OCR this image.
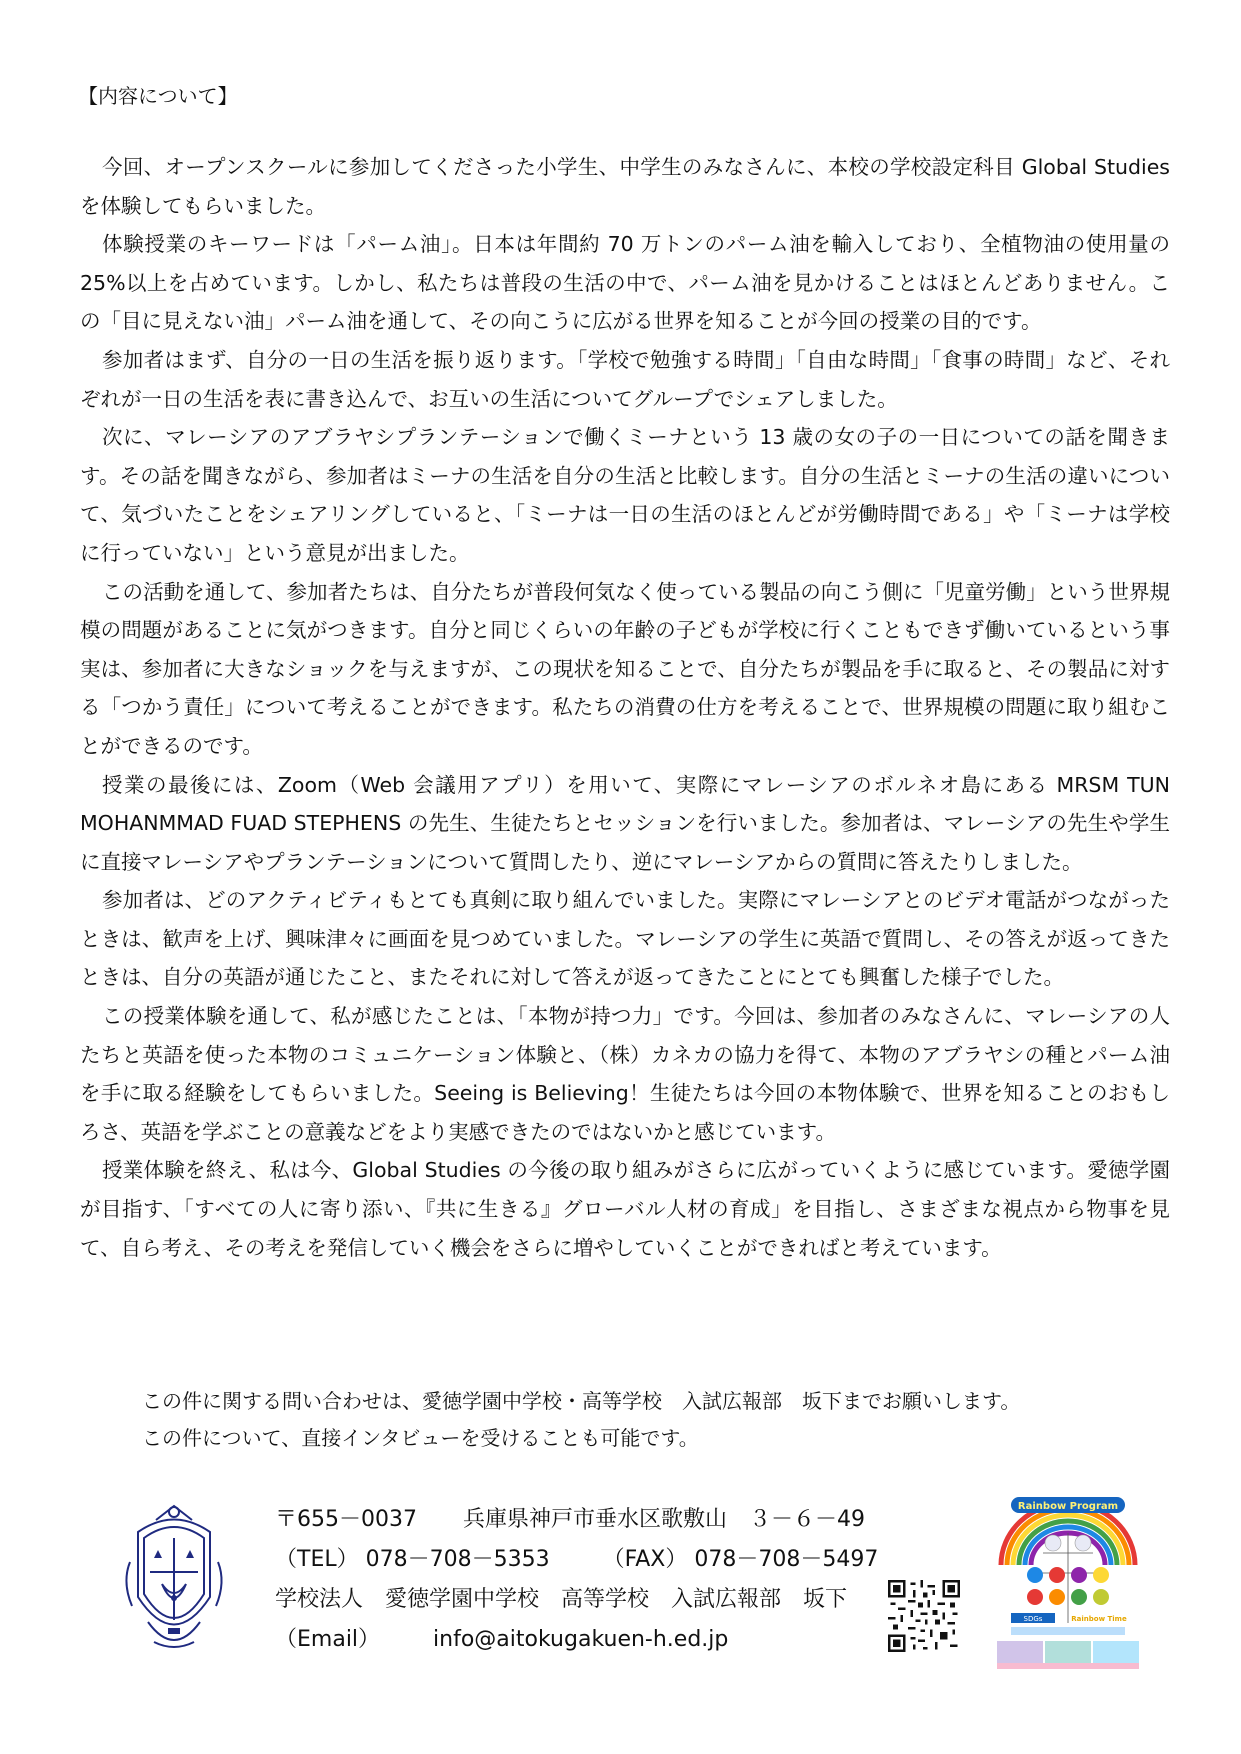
【内容について】

今回、オープンスクールに参加してくださった小学生、中学生のみなさんに、本校の学校設定科目 Global Studies を体験してもらいました。

体験授業のキーワードは「パーム油」。日本は年間約 70 万トンのパーム油を輸入しており、全植物油の使用量の 25%以上を占めています。しかし、私たちは普段の生活の中で、パーム油を見かけることはほとんどありません。この「目に見えない油」パーム油を通して、その向こうに広がる世界を知ることが今回の授業の目的です。

参加者はまず、自分の一日の生活を振り返ります。「学校で勉強する時間」「自由な時間」「食事の時間」など、それぞれが一日の生活を表に書き込んで、お互いの生活についてグループでシェアしました。

次に、マレーシアのアブラヤシプランテーションで働くミーナという 13 歳の女の子の一日についての話を聞きます。その話を聞きながら、参加者はミーナの生活を自分の生活と比較します。自分の生活とミーナの生活の違いについて、気づいたことをシェアリングしていると、「ミーナは一日の生活のほとんどが労働時間である」や「ミーナは学校に行っていない」という意見が出ました。

この活動を通して、参加者たちは、自分たちが普段何気なく使っている製品の向こう側に「児童労働」という世界規模の問題があることに気がつきます。自分と同じくらいの年齢の子どもが学校に行くこともできず働いているという事実は、参加者に大きなショックを与えますが、この現状を知ることで、自分たちが製品を手に取ると、その製品に対する「つかう責任」について考えることができます。私たちの消費の仕方を考えることで、世界規模の問題に取り組むことができるのです。

授業の最後には、Zoom（Web 会議用アプリ）を用いて、実際にマレーシアのボルネオ島にある MRSM TUN MOHANMMAD FUAD STEPHENS の先生、生徒たちとセッションを行いました。参加者は、マレーシアの先生や学生に直接マレーシアやプランテーションについて質問したり、逆にマレーシアからの質問に答えたりしました。

参加者は、どのアクティビティもとても真剣に取り組んでいました。実際にマレーシアとのビデオ電話がつながったときは、歓声を上げ、興味津々に画面を見つめていました。マレーシアの学生に英語で質問し、その答えが返ってきたときは、自分の英語が通じたこと、またそれに対して答えが返ってきたことにとても興奮した様子でした。

この授業体験を通して、私が感じたことは、「本物が持つ力」です。今回は、参加者のみなさんに、マレーシアの人たちと英語を使った本物のコミュニケーション体験と、（株）カネカの協力を得て、本物のアブラヤシの種とパーム油を手に取る経験をしてもらいました。Seeing is Believing！生徒たちは今回の本物体験で、世界を知ることのおもしろさ、英語を学ぶことの意義などをより実感できたのではないかと感じています。

授業体験を終え、私は今、Global Studies の今後の取り組みがさらに広がっていくように感じています。愛徳学園が目指す、「すべての人に寄り添い、『共に生きる』グローバル人材の育成」を目指し、さまざまな視点から物事を見て、自ら考え、その考えを発信していく機会をさらに増やしていくことができればと考えています。

この件に関する問い合わせは、愛徳学園中学校・高等学校　入試広報部　坂下までお願いします。
この件について、直接インタビューを受けることも可能です。
〒655－0037 兵庫県神戸市垂水区歌敷山　３－６－49
（TEL） 078－708－5353 （FAX） 078－708－5497
学校法人　愛徳学園中学校　高等学校　入試広報部　坂下
（Email） info@aitokugakuen-h.ed.jp
Rainbow Program
SDGs	Rainbow Time
